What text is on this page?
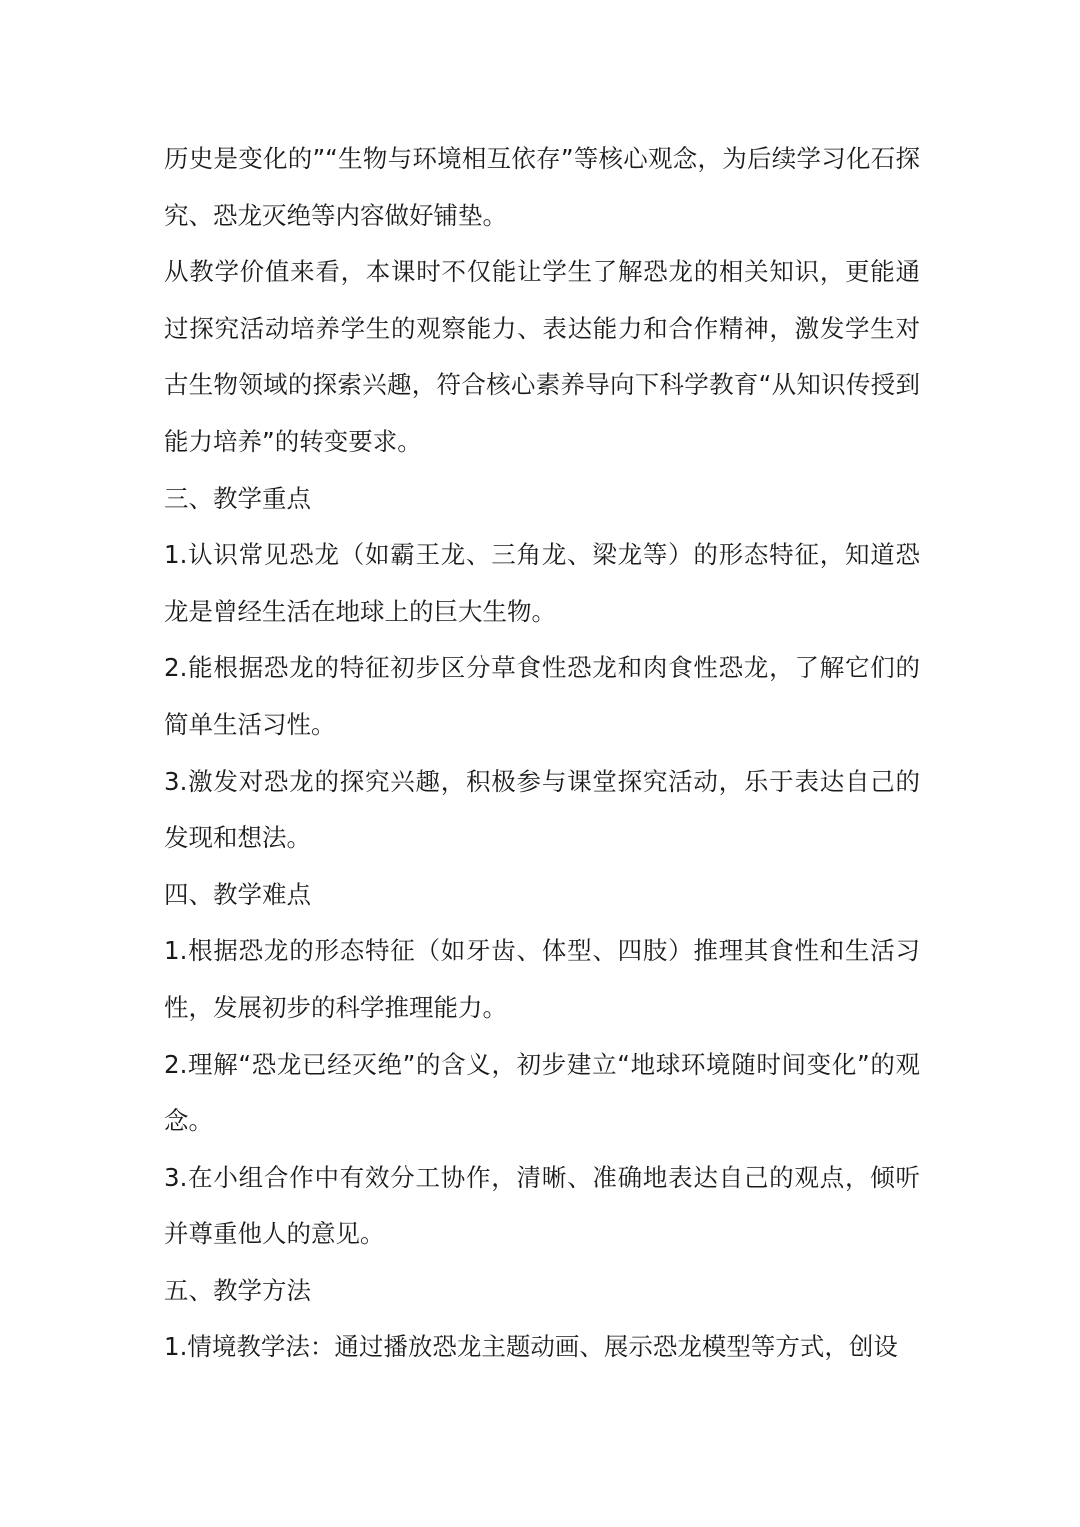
历史是变化的”“生物与环境相互依存”等核心观念，为后续学习化石探究、恐龙灭绝等内容做好铺垫。

从教学价值来看，本课时不仅能让学生了解恐龙的相关知识，更能通过探究活动培养学生的观察能力、表达能力和合作精神，激发学生对古生物领域的探索兴趣，符合核心素养导向下科学教育“从知识传授到能力培养”的转变要求。

三、教学重点

1.认识常见恐龙（如霸王龙、三角龙、梁龙等）的形态特征，知道恐龙是曾经生活在地球上的巨大生物。

2.能根据恐龙的特征初步区分草食性恐龙和肉食性恐龙，了解它们的简单生活习性。

3.激发对恐龙的探究兴趣，积极参与课堂探究活动，乐于表达自己的发现和想法。

四、教学难点

1.根据恐龙的形态特征（如牙齿、体型、四肢）推理其食性和生活习性，发展初步的科学推理能力。

2.理解“恐龙已经灭绝”的含义，初步建立“地球环境随时间变化”的观念。

3.在小组合作中有效分工协作，清晰、准确地表达自己的观点，倾听并尊重他人的意见。

五、教学方法

1.情境教学法：通过播放恐龙主题动画、展示恐龙模型等方式，创设
